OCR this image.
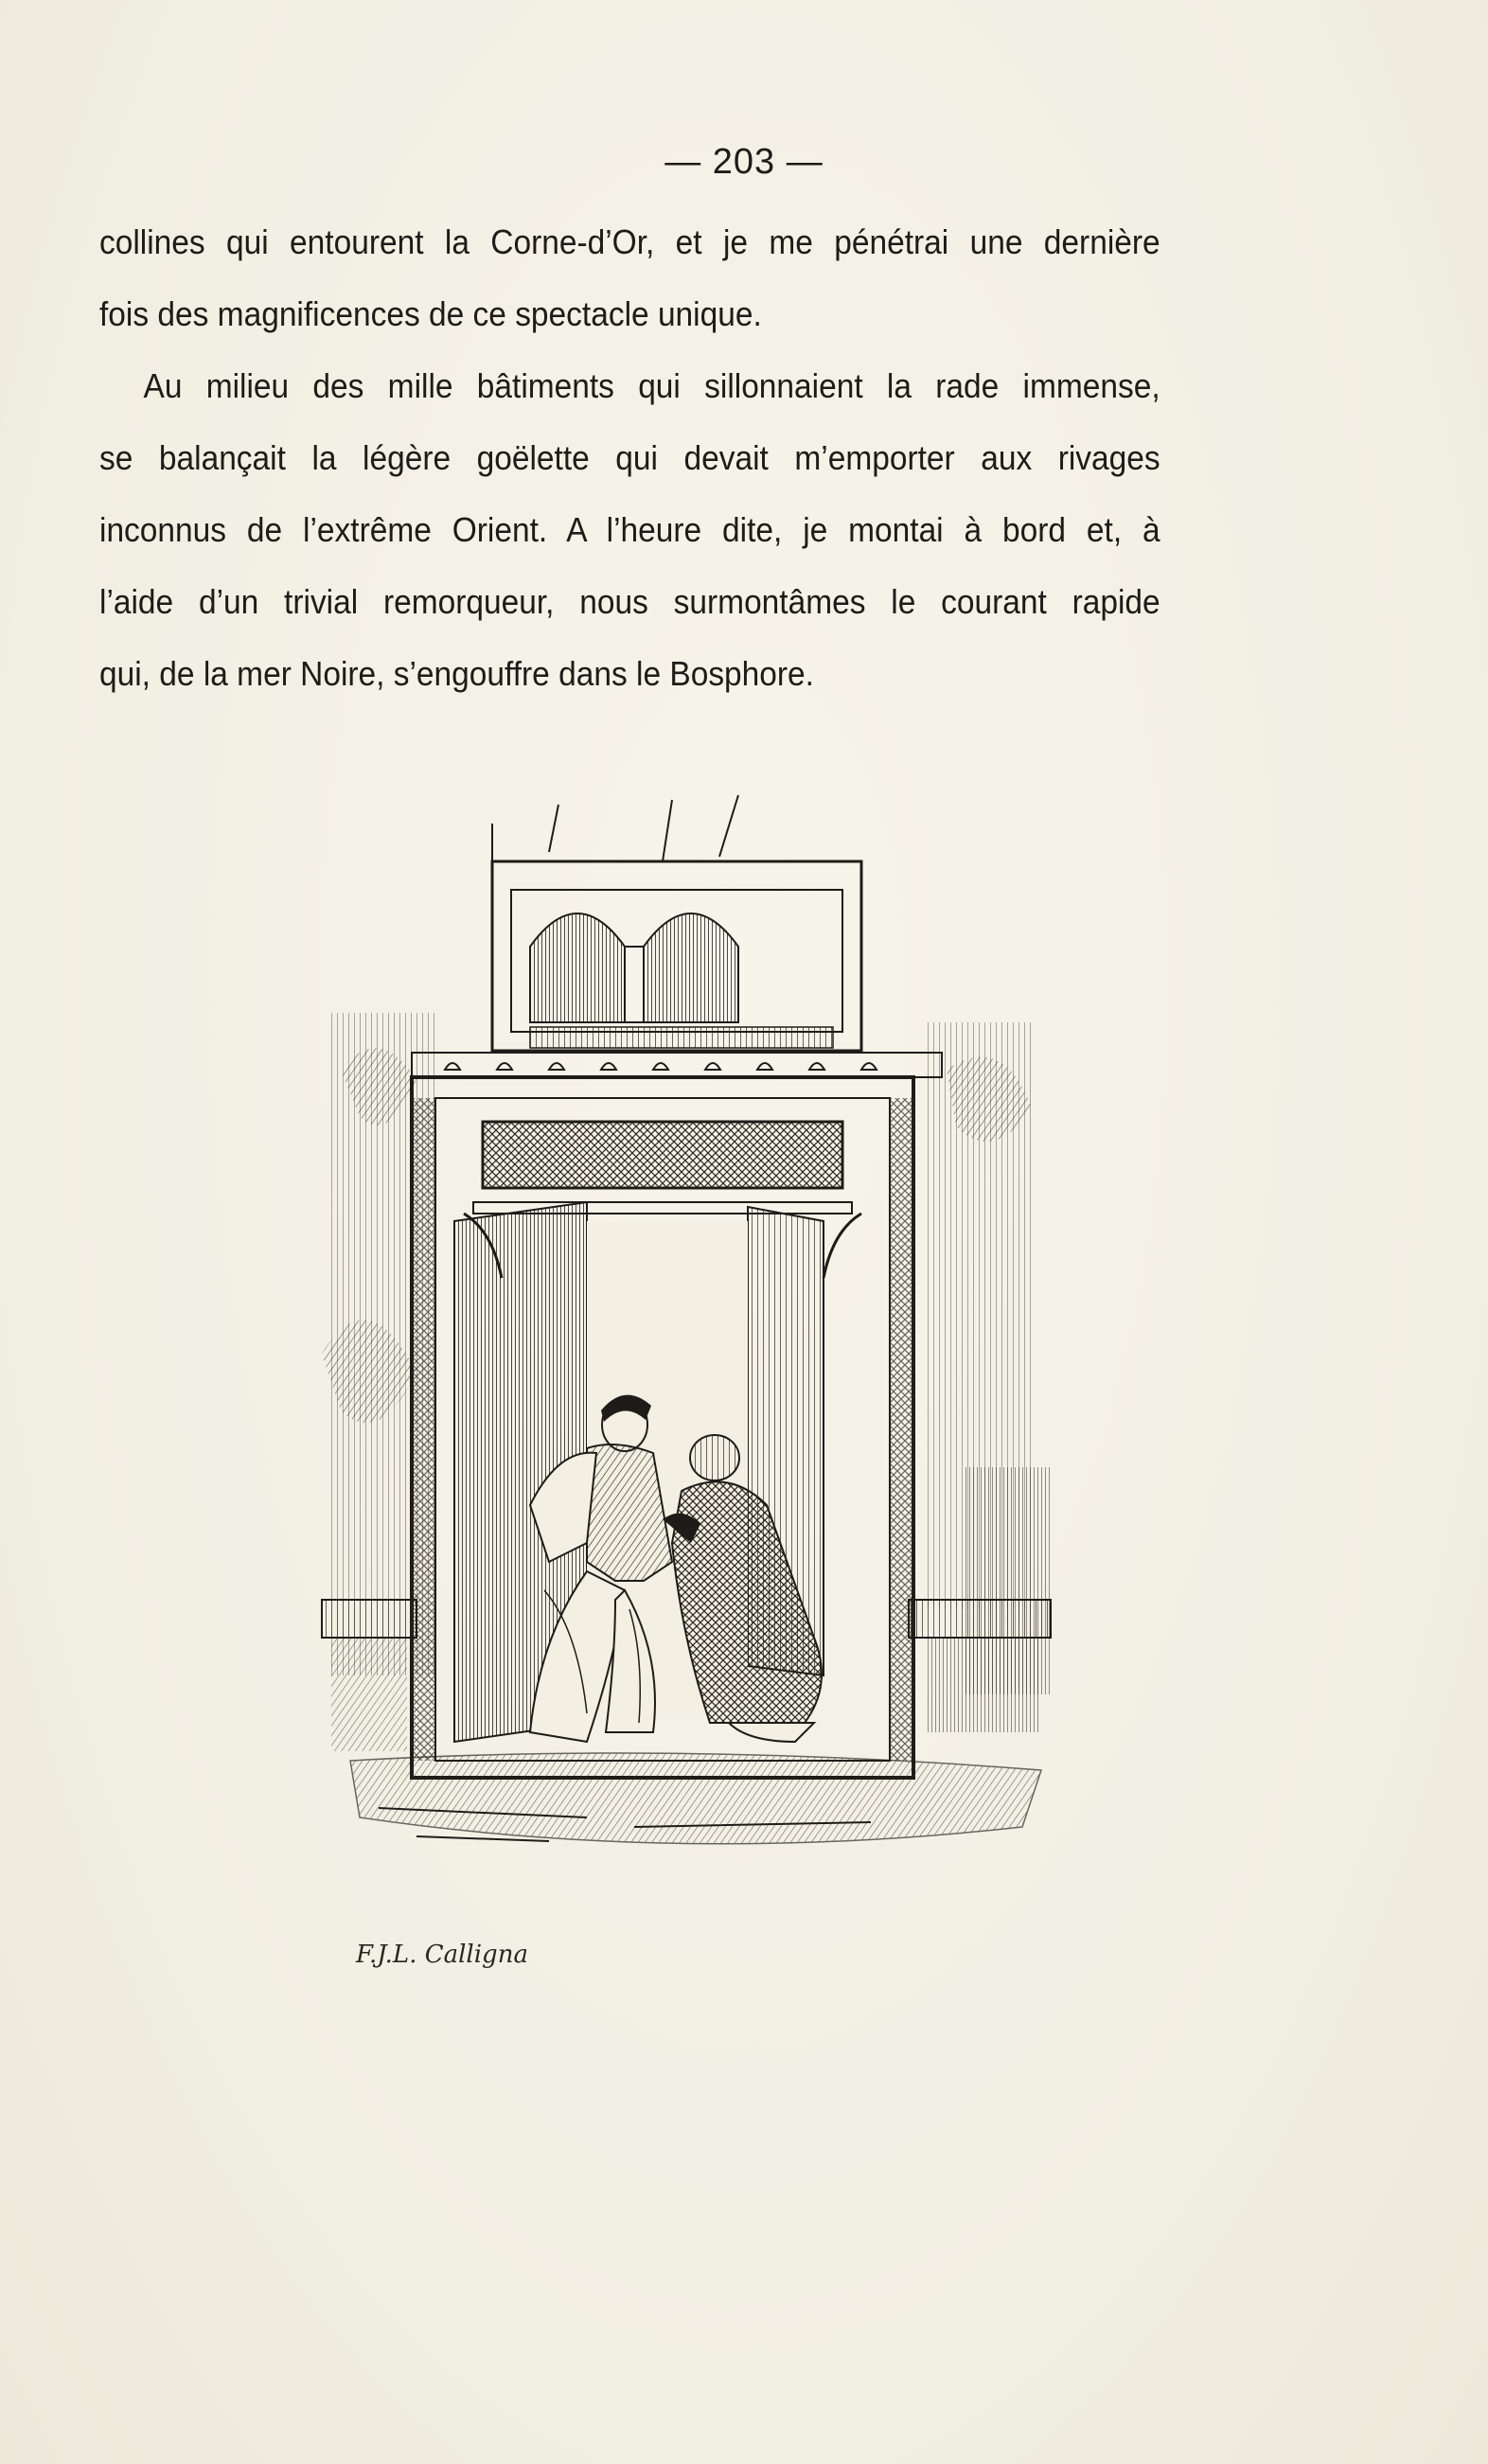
— 203 —
collines qui entourent la Corne-d’Or, et je me pénétrai une dernière
fois des magnificences de ce spectacle unique.
Au milieu des mille bâtiments qui sillonnaient la rade immense,
se balançait la légère goëlette qui devait m’emporter aux rivages
inconnus de l’extrême Orient. A l’heure dite, je montai à bord et, à
l’aide d’un trivial remorqueur, nous surmontâmes le courant rapide
qui, de la mer Noire, s’engouffre dans le Bosphore.
F.J.L. Calligna
